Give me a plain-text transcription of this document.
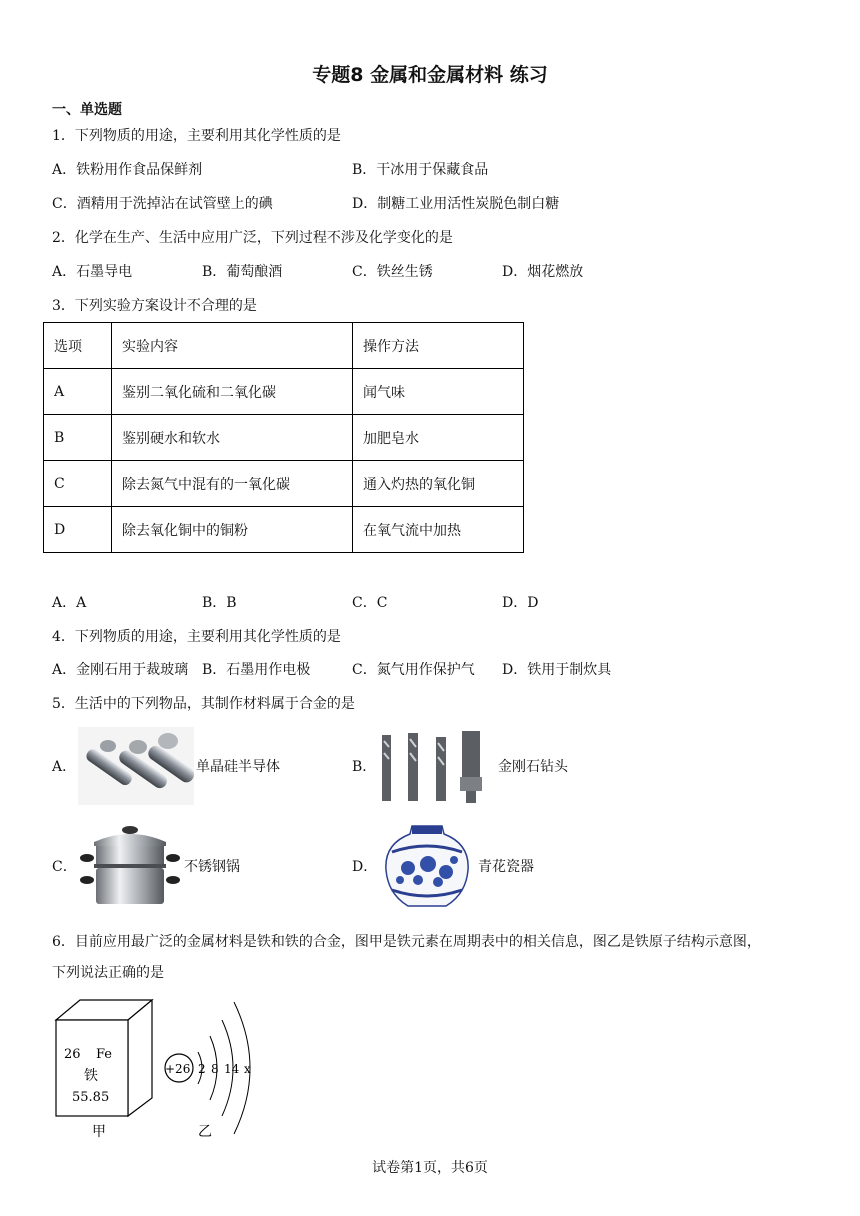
专题8 金属和金属材料 练习
一、单选题
1．下列物质的用途，主要利用其化学性质的是
A．铁粉用作食品保鲜剂	B．干冰用于保藏食品
C．酒精用于洗掉沾在试管壁上的碘	D．制糖工业用活性炭脱色制白糖
2．化学在生产、生活中应用广泛，下列过程不涉及化学变化的是
A．石墨导电	B．葡萄酿酒	C．铁丝生锈	D．烟花燃放
3．下列实验方案设计不合理的是
选项	实验内容	操作方法
A	鉴别二氧化硫和二氧化碳	闻气味
B	鉴别硬水和软水	加肥皂水
C	除去氮气中混有的一氧化碳	通入灼热的氧化铜
D	除去氧化铜中的铜粉	在氧气流中加热
A．A	B．B	C．C	D．D
4．下列物质的用途，主要利用其化学性质的是
A．金刚石用于裁玻璃 B．石墨用作电极	C．氮气用作保护气 D．铁用于制炊具
5．生活中的下列物品，其制作材料属于合金的是
A．	单晶硅半导体	B．	金刚石钻头
C．	不锈钢锅	D．	青花瓷器
6．目前应用最广泛的金属材料是铁和铁的合金，图甲是铁元素在周期表中的相关信息，图乙是铁原子结构示意图，
下列说法正确的是
26 Fe
铁
55.85
甲
+26 2 8 14 x
乙
试卷第1页，共6页
